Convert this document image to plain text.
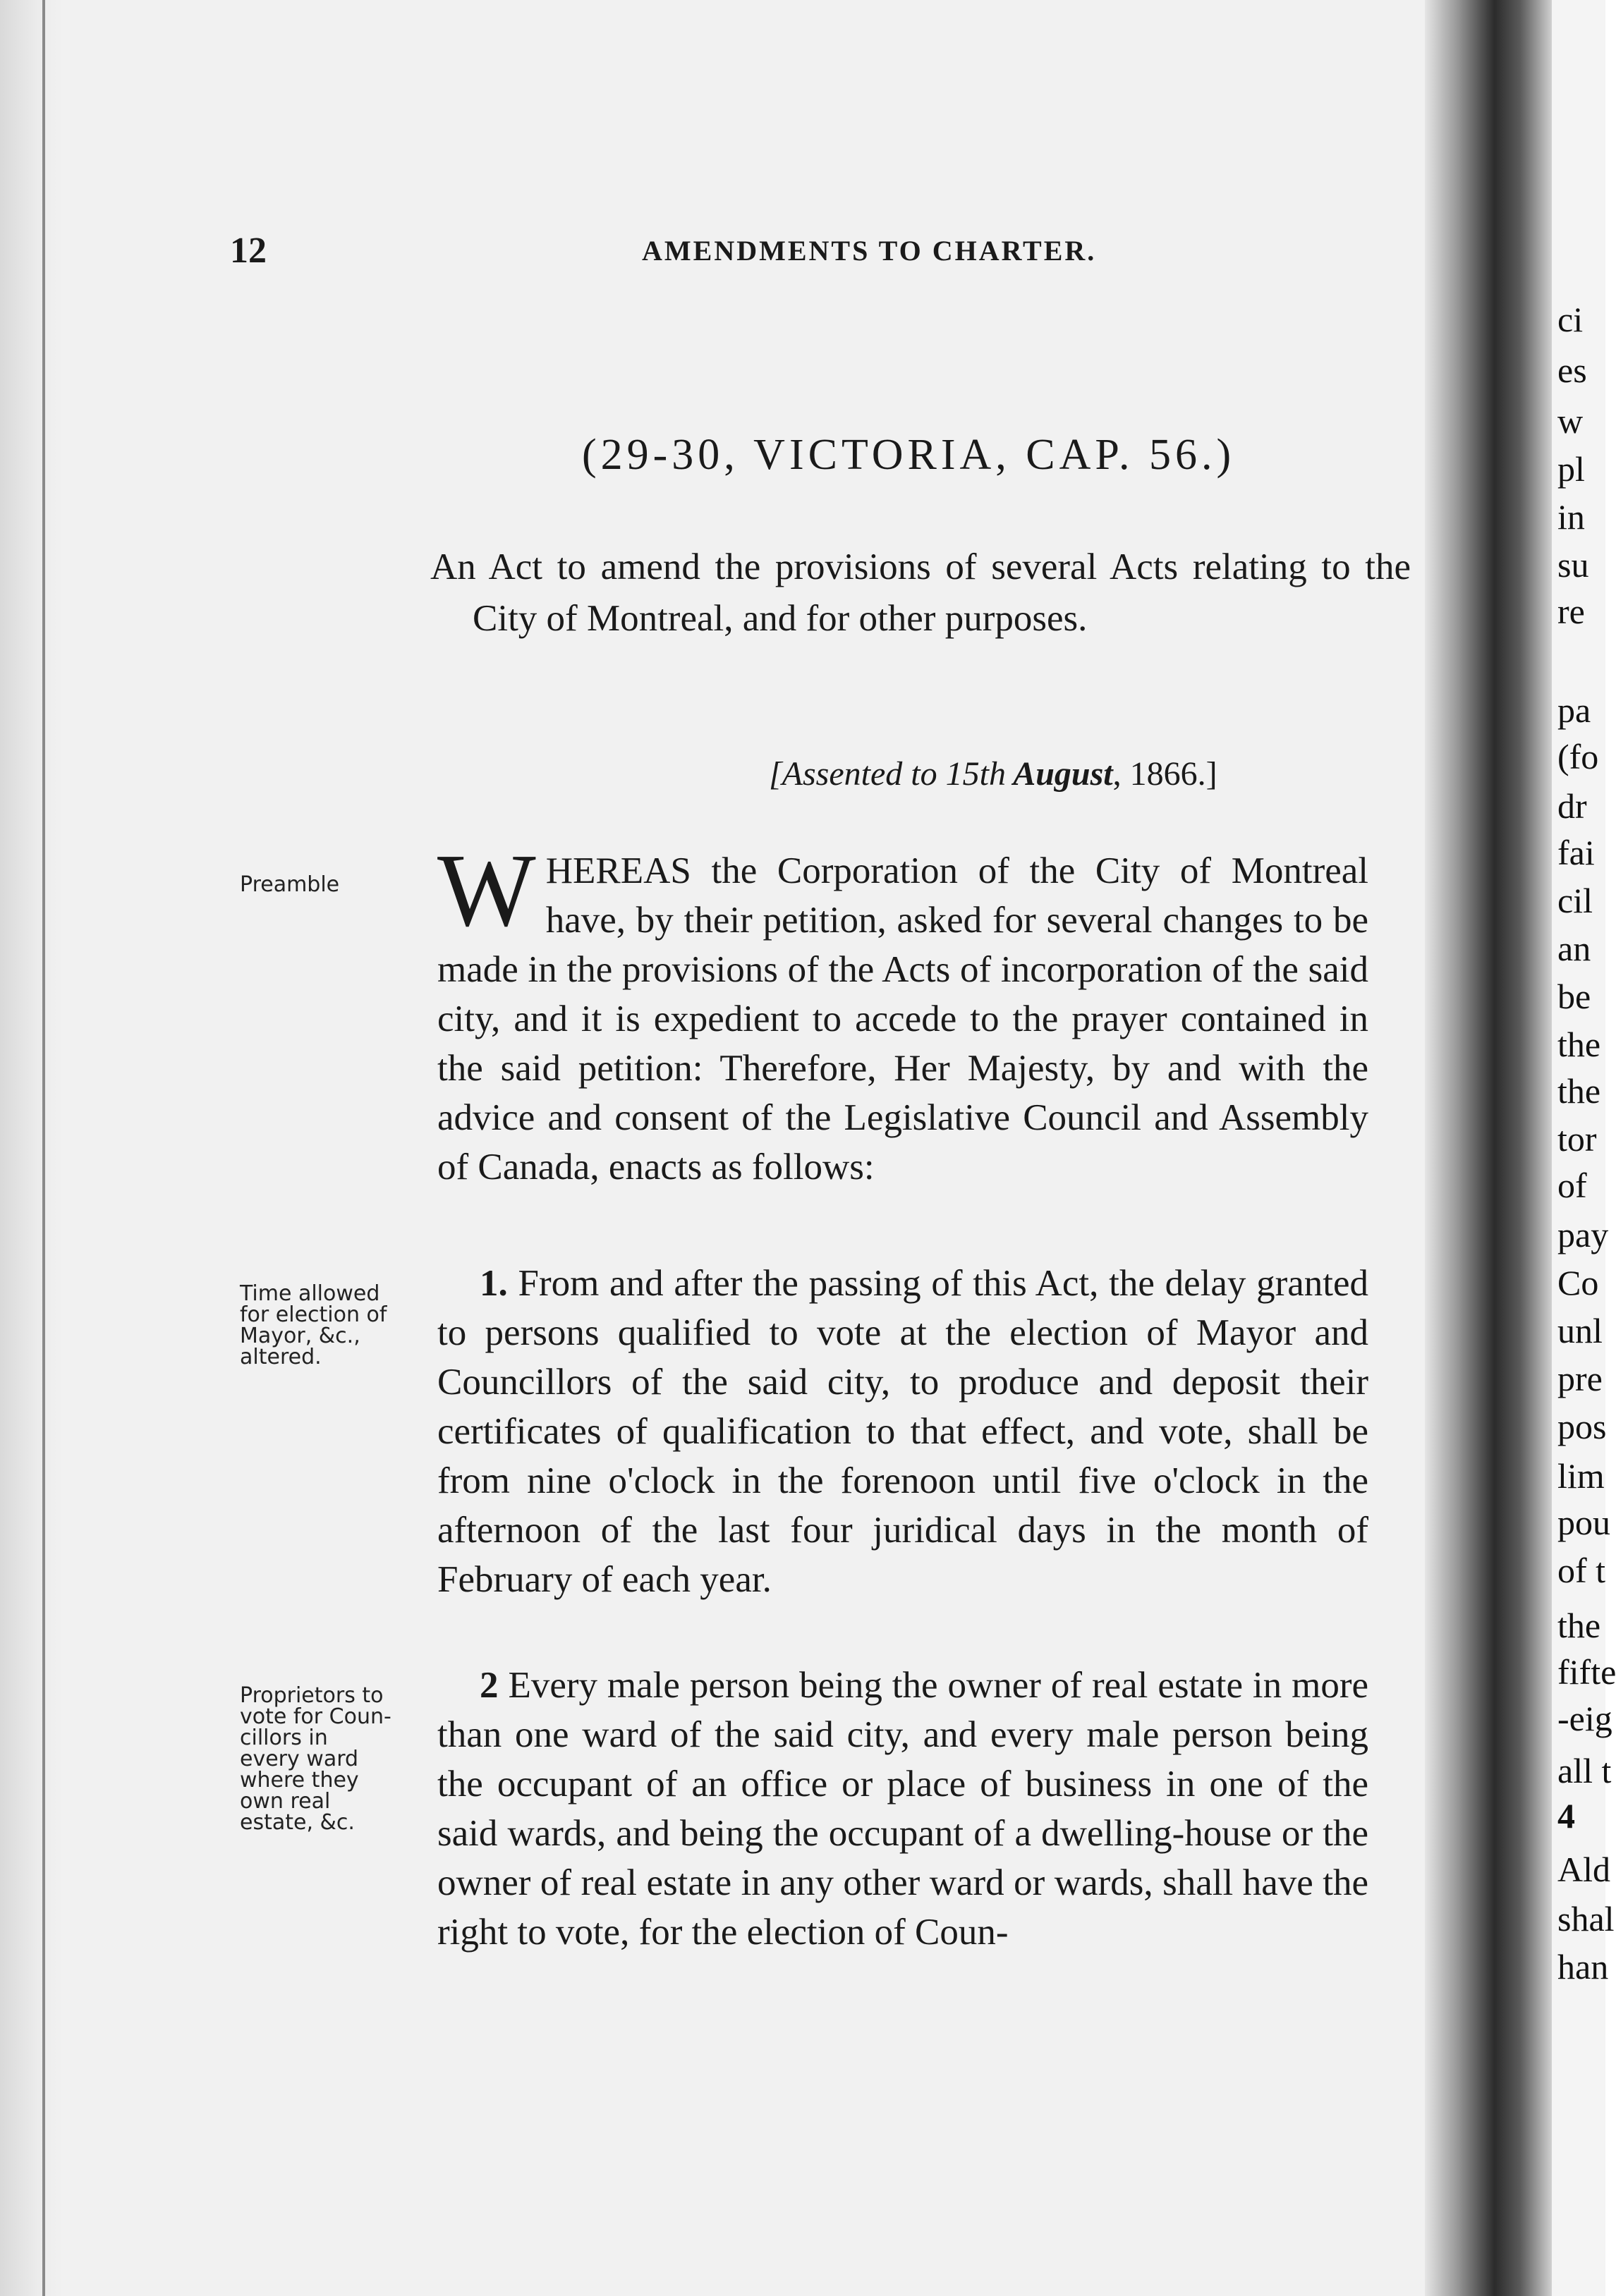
12	AMENDMENTS TO CHARTER.
(29-30, VICTORIA, CAP. 56.)
An Act to amend the provisions of several Acts relating to the City of Montreal, and for other purposes.
[Assented to 15th August, 1866.]
Preamble
Time allowed
for election of
Mayor, &c.,
altered.
Proprietors to
vote for Coun-
cillors in
every ward
where they
own real
estate, &c.
WHEREAS the Corporation of the City of Montreal have, by their petition, asked for several changes to be made in the provisions of the Acts of incorporation of the said city, and it is expedient to accede to the prayer contained in the said petition: Therefore, Her Majesty, by and with the advice and consent of the Legislative Council and Assembly of Canada, enacts as follows:
1. From and after the passing of this Act, the delay granted to persons qualified to vote at the election of Mayor and Councillors of the said city, to produce and deposit their certificates of qualification to that effect, and vote, shall be from nine o'clock in the forenoon until five o'clock in the afternoon of the last four juridical days in the month of February of each year.
2 Every male person being the owner of real estate in more than one ward of the said city, and every male person being the occupant of an office or place of business in one of the said wards, and being the occupant of a dwelling-house or the owner of real estate in any other ward or wards, shall have the right to vote, for the election of Coun-
ci
es
w
pl
in
su
re
pa
(fo
dr
fai
cil
an
be
the
the
tor
of
pay
Co
unl
pre
pos
lim
pou
of t
the
fifte
-eig
all t
4
Ald
shal
han
